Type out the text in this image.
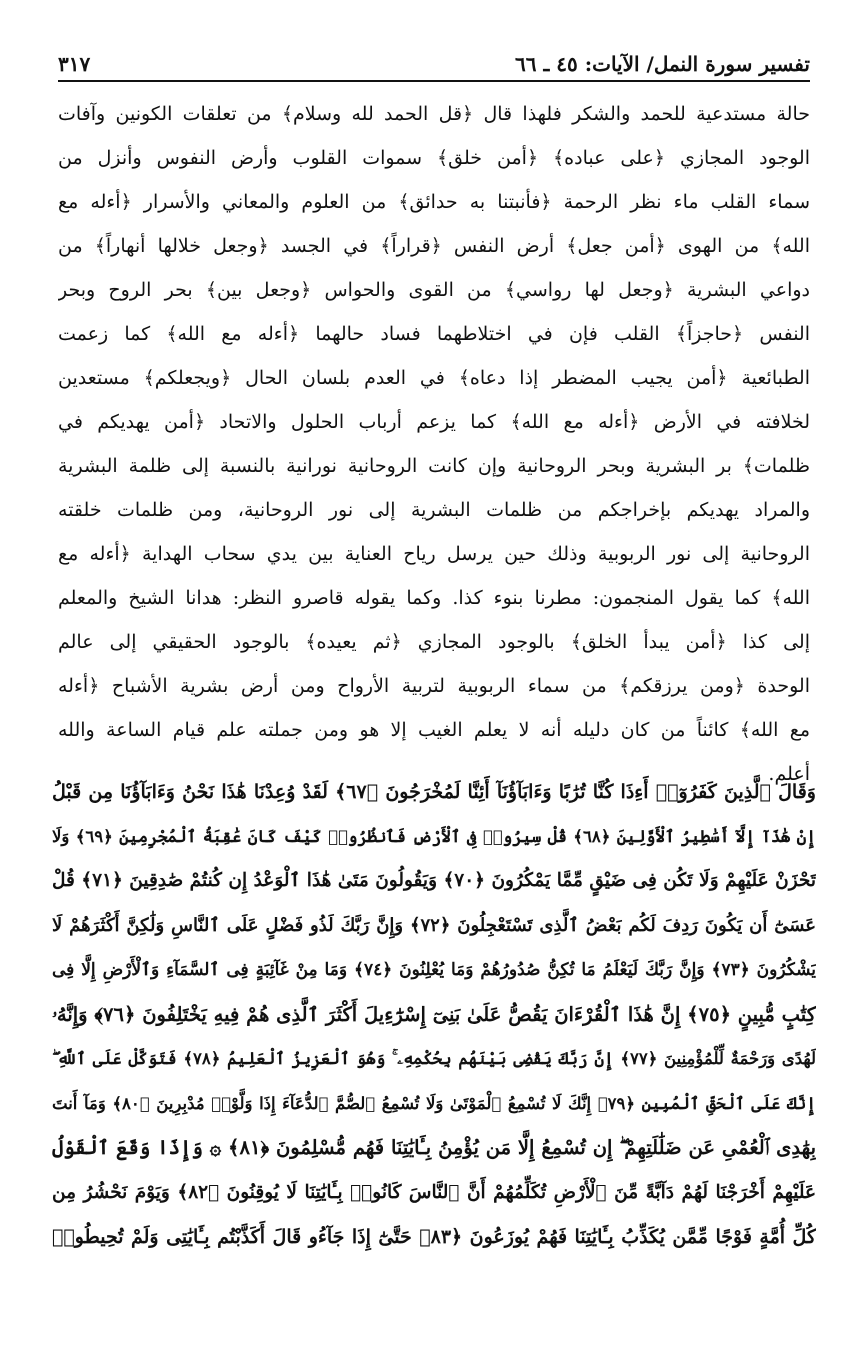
تفسير سورة النمل/ الآيات: ٤٥ ـ ٦٦
٣١٧
حالة مستدعية للحمد والشكر فلهذا قال ﴿قل الحمد لله وسلام﴾ من تعلقات الكونين وآفات
الوجود المجازي ﴿على عباده﴾ ﴿أمن خلق﴾ سموات القلوب وأرض النفوس وأنزل من
سماء القلب ماء نظر الرحمة ﴿فأنبتنا به حدائق﴾ من العلوم والمعاني والأسرار ﴿أءله مع
الله﴾ من الهوى ﴿أمن جعل﴾ أرض النفس ﴿قراراً﴾ في الجسد ﴿وجعل خلالها أنهاراً﴾ من
دواعي البشرية ﴿وجعل لها رواسي﴾ من القوى والحواس ﴿وجعل بين﴾ بحر الروح وبحر
النفس ﴿حاجزاً﴾ القلب فإن في اختلاطهما فساد حالهما ﴿أءله مع الله﴾ كما زعمت
الطبائعية ﴿أمن يجيب المضطر إذا دعاه﴾ في العدم بلسان الحال ﴿ويجعلكم﴾ مستعدين
لخلافته في الأرض ﴿أءله مع الله﴾ كما يزعم أرباب الحلول والاتحاد ﴿أمن يهديكم في
ظلمات﴾ بر البشرية وبحر الروحانية وإن كانت الروحانية نورانية بالنسبة إلى ظلمة البشرية
والمراد يهديكم بإخراجكم من ظلمات البشرية إلى نور الروحانية، ومن ظلمات خلقته
الروحانية إلى نور الربوبية وذلك حين يرسل رياح العناية بين يدي سحاب الهداية ﴿أءله مع
الله﴾ كما يقول المنجمون: مطرنا بنوء كذا. وكما يقوله قاصرو النظر: هدانا الشيخ والمعلم
إلى كذا ﴿أمن يبدأ الخلق﴾ بالوجود المجازي ﴿ثم يعيده﴾ بالوجود الحقيقي إلى عالم
الوحدة ﴿ومن يرزقكم﴾ من سماء الربوبية لتربية الأرواح ومن أرض بشرية الأشباح ﴿أءله
مع الله﴾ كائناً من كان دليله أنه لا يعلم الغيب إلا هو ومن جملته علم قيام الساعة والله
أعلم.
وَقَالَ ٱلَّذِينَ كَفَرُوٓا۟ أَءِذَا كُنَّا تُرَٰبًا وَءَابَآؤُنَآ أَئِنَّا لَمُخْرَجُونَ ﴿٦٧﴾ لَقَدْ وُعِدْنَا هَٰذَا نَحْنُ وَءَابَآؤُنَا مِن قَبْلُ
إِنْ هَٰذَآ إِلَّآ أَسَٰطِيرُ ٱلْأَوَّلِينَ ﴿٦٨﴾ قُلْ سِيرُوا۟ فِى ٱلْأَرْضِ فَٱنظُرُوا۟ كَيْفَ كَانَ عَٰقِبَةُ ٱلْمُجْرِمِينَ ﴿٦٩﴾ وَلَا
تَحْزَنْ عَلَيْهِمْ وَلَا تَكُن فِى ضَيْقٍ مِّمَّا يَمْكُرُونَ ﴿٧٠﴾ وَيَقُولُونَ مَتَىٰ هَٰذَا ٱلْوَعْدُ إِن كُنتُمْ صَٰدِقِينَ ﴿٧١﴾ قُلْ
عَسَىٰٓ أَن يَكُونَ رَدِفَ لَكُم بَعْضُ ٱلَّذِى تَسْتَعْجِلُونَ ﴿٧٢﴾ وَإِنَّ رَبَّكَ لَذُو فَضْلٍ عَلَى ٱلنَّاسِ وَلَٰكِنَّ أَكْثَرَهُمْ لَا
يَشْكُرُونَ ﴿٧٣﴾ وَإِنَّ رَبَّكَ لَيَعْلَمُ مَا تُكِنُّ صُدُورُهُمْ وَمَا يُعْلِنُونَ ﴿٧٤﴾ وَمَا مِنْ غَآئِبَةٍ فِى ٱلسَّمَآءِ وَٱلْأَرْضِ إِلَّا فِى
كِتَٰبٍ مُّبِينٍ ﴿٧٥﴾ إِنَّ هَٰذَا ٱلْقُرْءَانَ يَقُصُّ عَلَىٰ بَنِىٓ إِسْرَٰٓءِيلَ أَكْثَرَ ٱلَّذِى هُمْ فِيهِ يَخْتَلِفُونَ ﴿٧٦﴾ وَإِنَّهُۥ
لَهُدًى وَرَحْمَةٌ لِّلْمُؤْمِنِينَ ﴿٧٧﴾ إِنَّ رَبَّكَ يَقْضِى بَيْنَهُم بِحُكْمِهِۦ ۚ وَهُوَ ٱلْعَزِيزُ ٱلْعَلِيمُ ﴿٧٨﴾ فَتَوَكَّلْ عَلَى ٱللَّهِ ۖ
إِنَّكَ عَلَى ٱلْحَقِّ ٱلْمُبِينِ ﴿٧٩﴾ إِنَّكَ لَا تُسْمِعُ ٱلْمَوْتَىٰ وَلَا تُسْمِعُ ٱلصُّمَّ ٱلدُّعَآءَ إِذَا وَلَّوْا۟ مُدْبِرِينَ ﴿٨٠﴾ وَمَآ أَنتَ
بِهَٰدِى ٱلْعُمْىِ عَن ضَلَٰلَتِهِمْ ۖ إِن تُسْمِعُ إِلَّا مَن يُؤْمِنُ بِـَٔايَٰتِنَا فَهُم مُّسْلِمُونَ ﴿٨١﴾ ۞ وَإِذَا وَقَعَ ٱلْقَوْلُ
عَلَيْهِمْ أَخْرَجْنَا لَهُمْ دَآبَّةً مِّنَ ٱلْأَرْضِ تُكَلِّمُهُمْ أَنَّ ٱلنَّاسَ كَانُوا۟ بِـَٔايَٰتِنَا لَا يُوقِنُونَ ﴿٨٢﴾ وَيَوْمَ نَحْشُرُ مِن
كُلِّ أُمَّةٍ فَوْجًا مِّمَّن يُكَذِّبُ بِـَٔايَٰتِنَا فَهُمْ يُوزَعُونَ ﴿٨٣﴾ حَتَّىٰٓ إِذَا جَآءُو قَالَ أَكَذَّبْتُم بِـَٔايَٰتِى وَلَمْ تُحِيطُوا۟
